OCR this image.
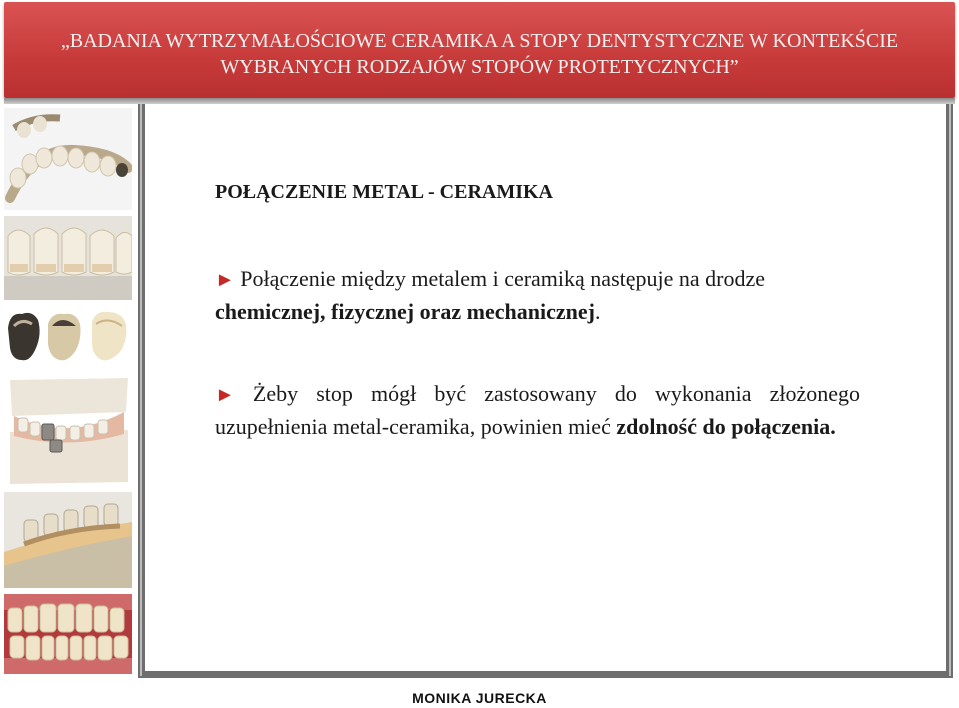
„BADANIA WYTRZYMAŁOŚCIOWE CERAMIKA A STOPY DENTYSTYCZNE W KONTEKŚCIE
WYBRANYCH RODZAJÓW STOPÓW PROTETYCZNYCH”
POŁĄCZENIE METAL - CERAMIKA
► Połączenie między metalem i ceramiką następuje na drodze chemicznej, fizycznej oraz mechanicznej.
► Żeby stop mógł być zastosowany do wykonania złożonego uzupełnienia metal-ceramika, powinien mieć zdolność do połączenia.
MONIKA JURECKA
